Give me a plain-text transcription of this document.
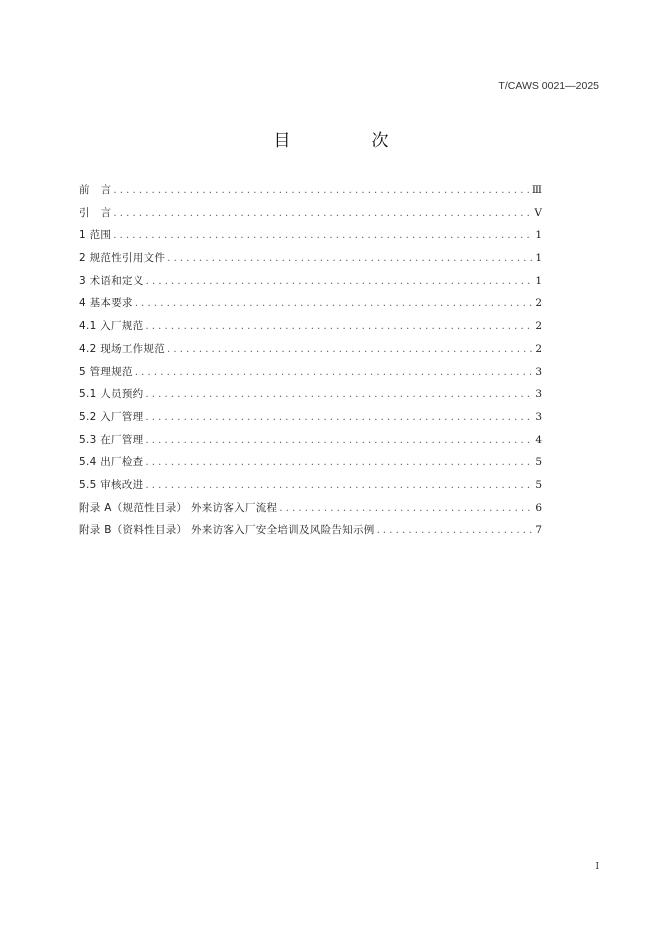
T/CAWS 0021—2025
目　次
前　言 . . .	Ⅲ
引　言 . . .	Ⅴ
1 范围 . . .	1
2 规范性引用文件 . . .	1
3 术语和定义 . . .	1
4 基本要求 . . .	2
4.1 入厂规范 . . .	2
4.2 现场工作规范 . . .	2
5 管理规范 . . .	3
5.1 人员预约 . . .	3
5.2 入厂管理 . . .	3
5.3 在厂管理 . . .	4
5.4 出厂检查 . . .	5
5.5 审核改进 . . .	5
附录 A（规范性目录） 外来访客入厂流程 . . .	6
附录 B（资料性目录） 外来访客入厂安全培训及风险告知示例 . . .	7
I
